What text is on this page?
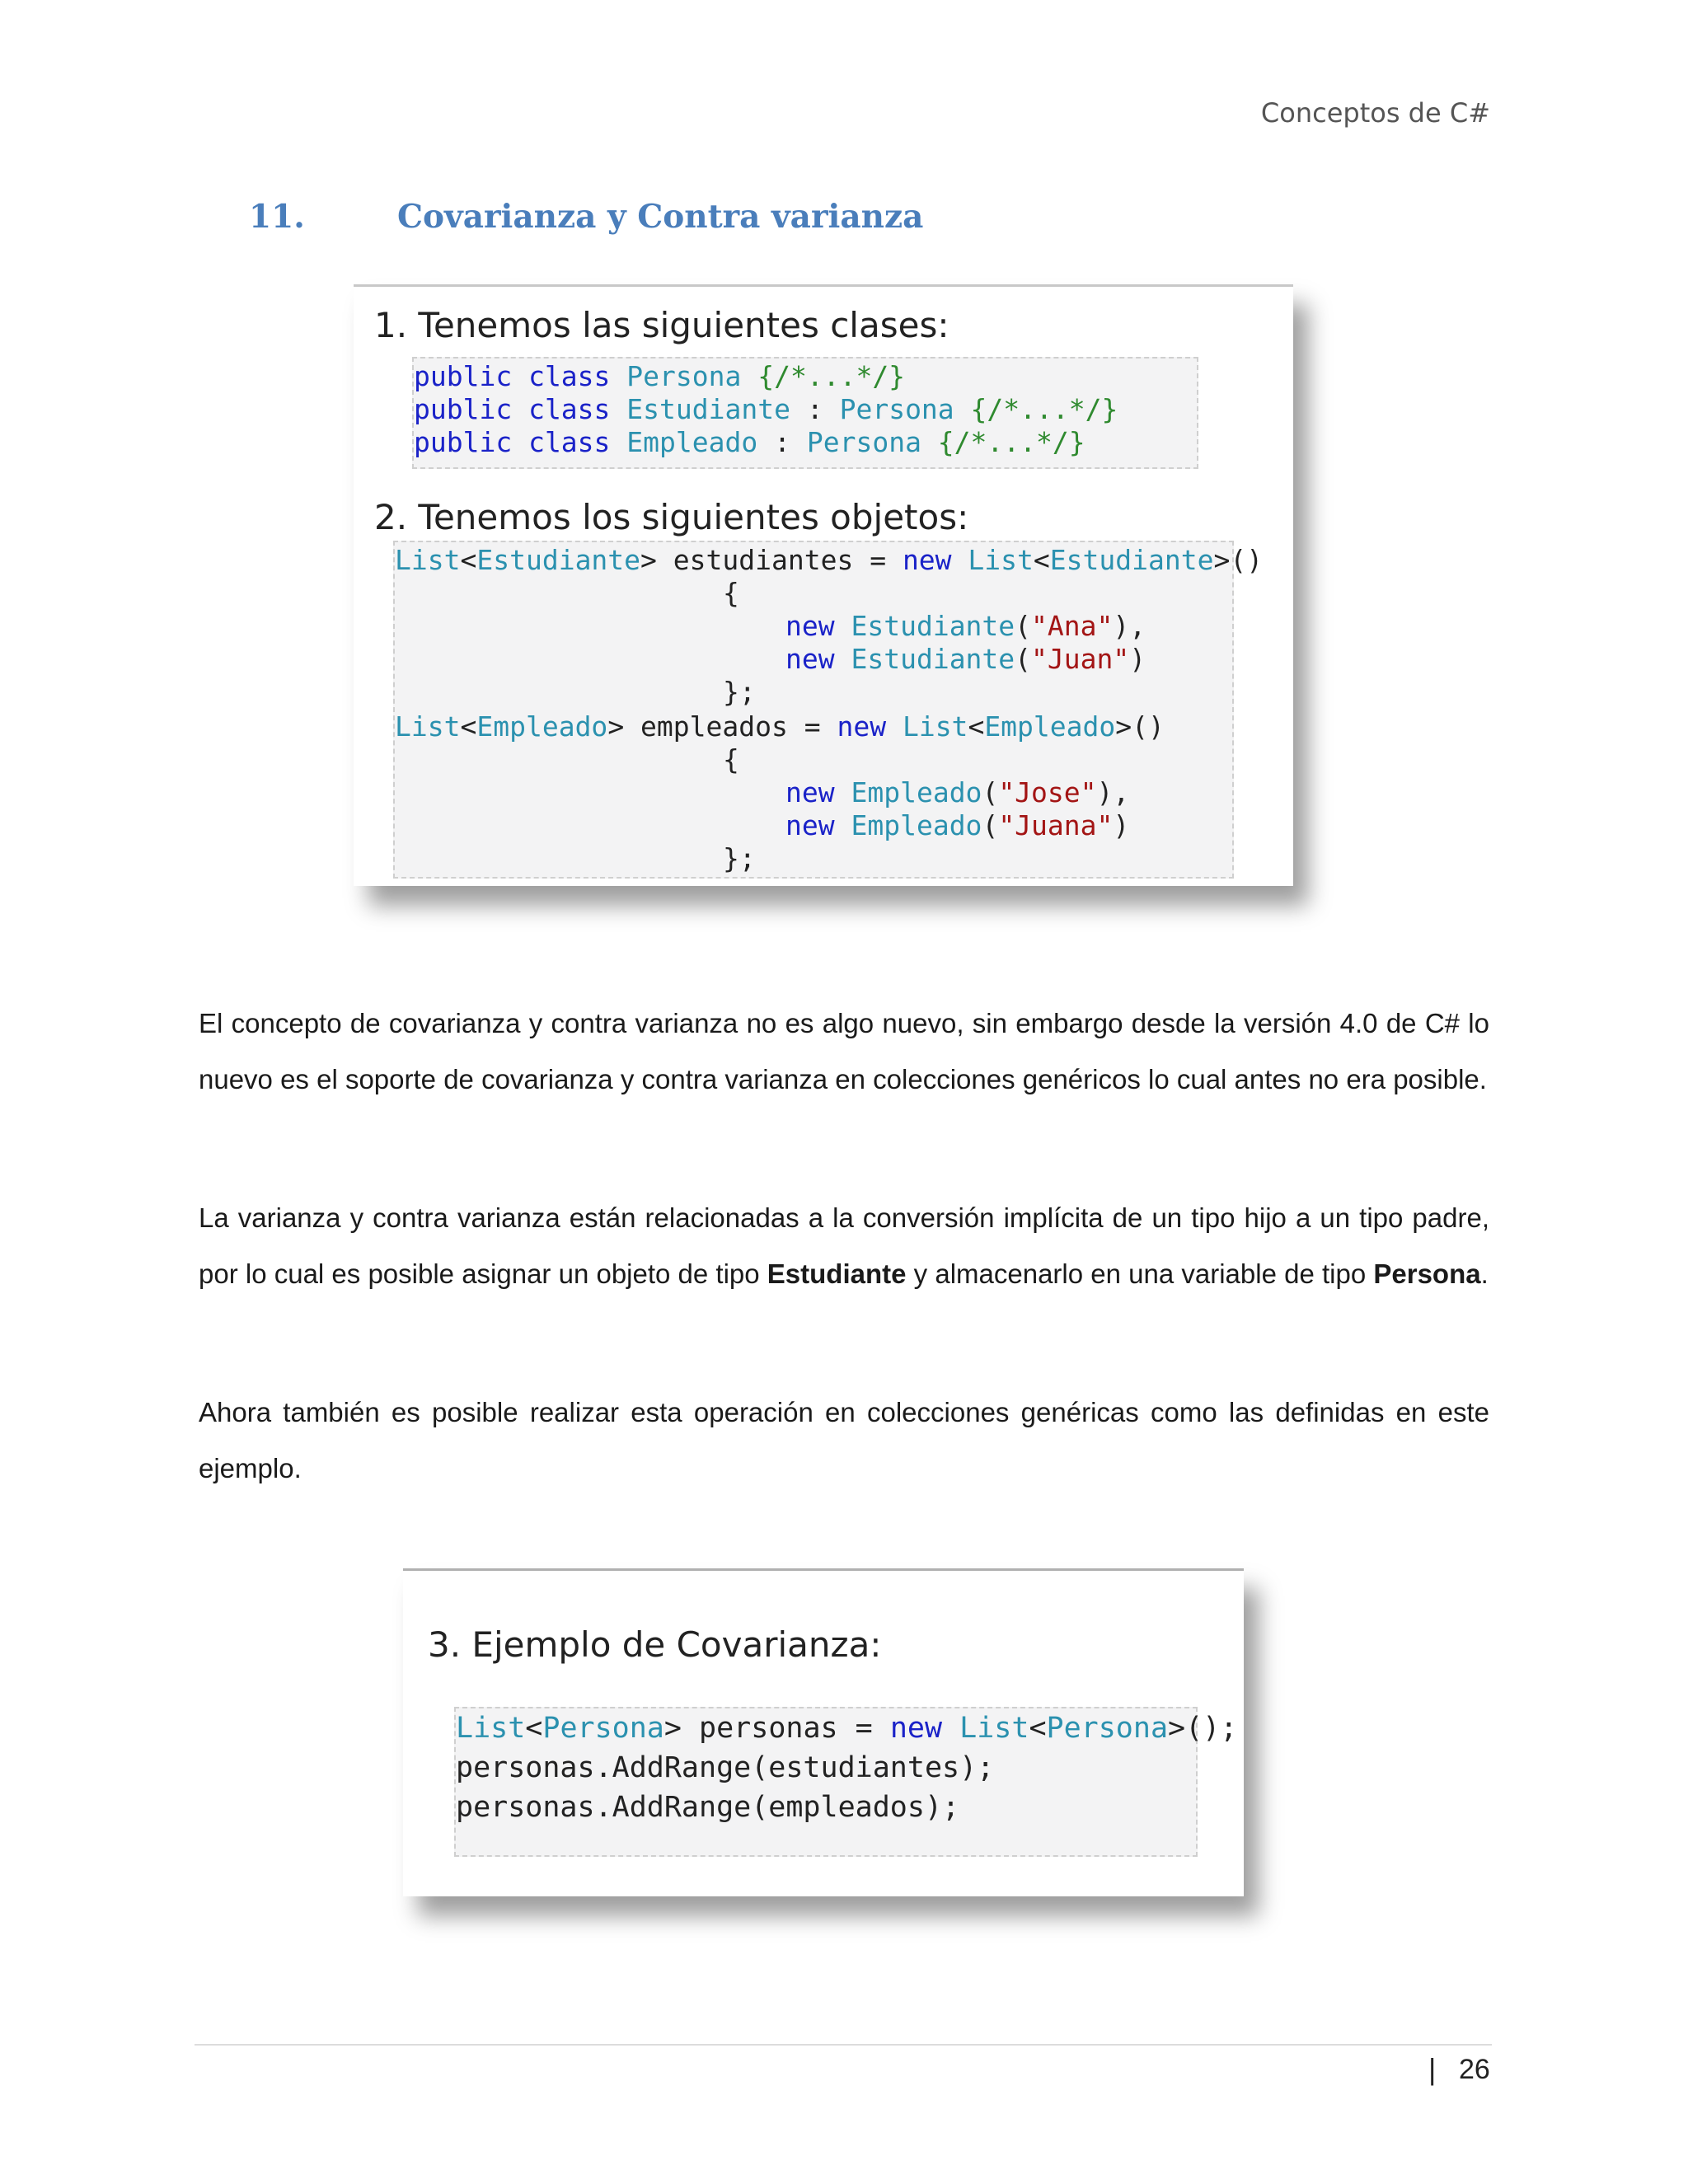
Conceptos de C#
11.	Covarianza y Contra varianza
1. Tenemos las siguientes clases:
public class Persona {/*...*/}
public class Estudiante : Persona {/*...*/}
public class Empleado : Persona {/*...*/}
2. Tenemos los siguientes objetos:
List<Estudiante> estudiantes = new List<Estudiante>()
{
new Estudiante("Ana"),
new Estudiante("Juan")
};
List<Empleado> empleados = new List<Empleado>()
{
new Empleado("Jose"),
new Empleado("Juana")
};

El concepto de covarianza y contra varianza no es algo nuevo, sin embargo desde la versión 4.0 de C# lo nuevo es el soporte de covarianza y contra varianza en colecciones genéricos lo cual antes no era posible.

La varianza y contra varianza están relacionadas a la conversión implícita de un tipo hijo a un tipo padre, por lo cual es posible asignar un objeto de tipo Estudiante y almacenarlo en una variable de tipo Persona.

Ahora también es posible realizar esta operación en colecciones genéricas como las definidas en este ejemplo.

3. Ejemplo de Covarianza:
List<Persona> personas = new List<Persona>();
personas.AddRange(estudiantes);
personas.AddRange(empleados);
| 26
